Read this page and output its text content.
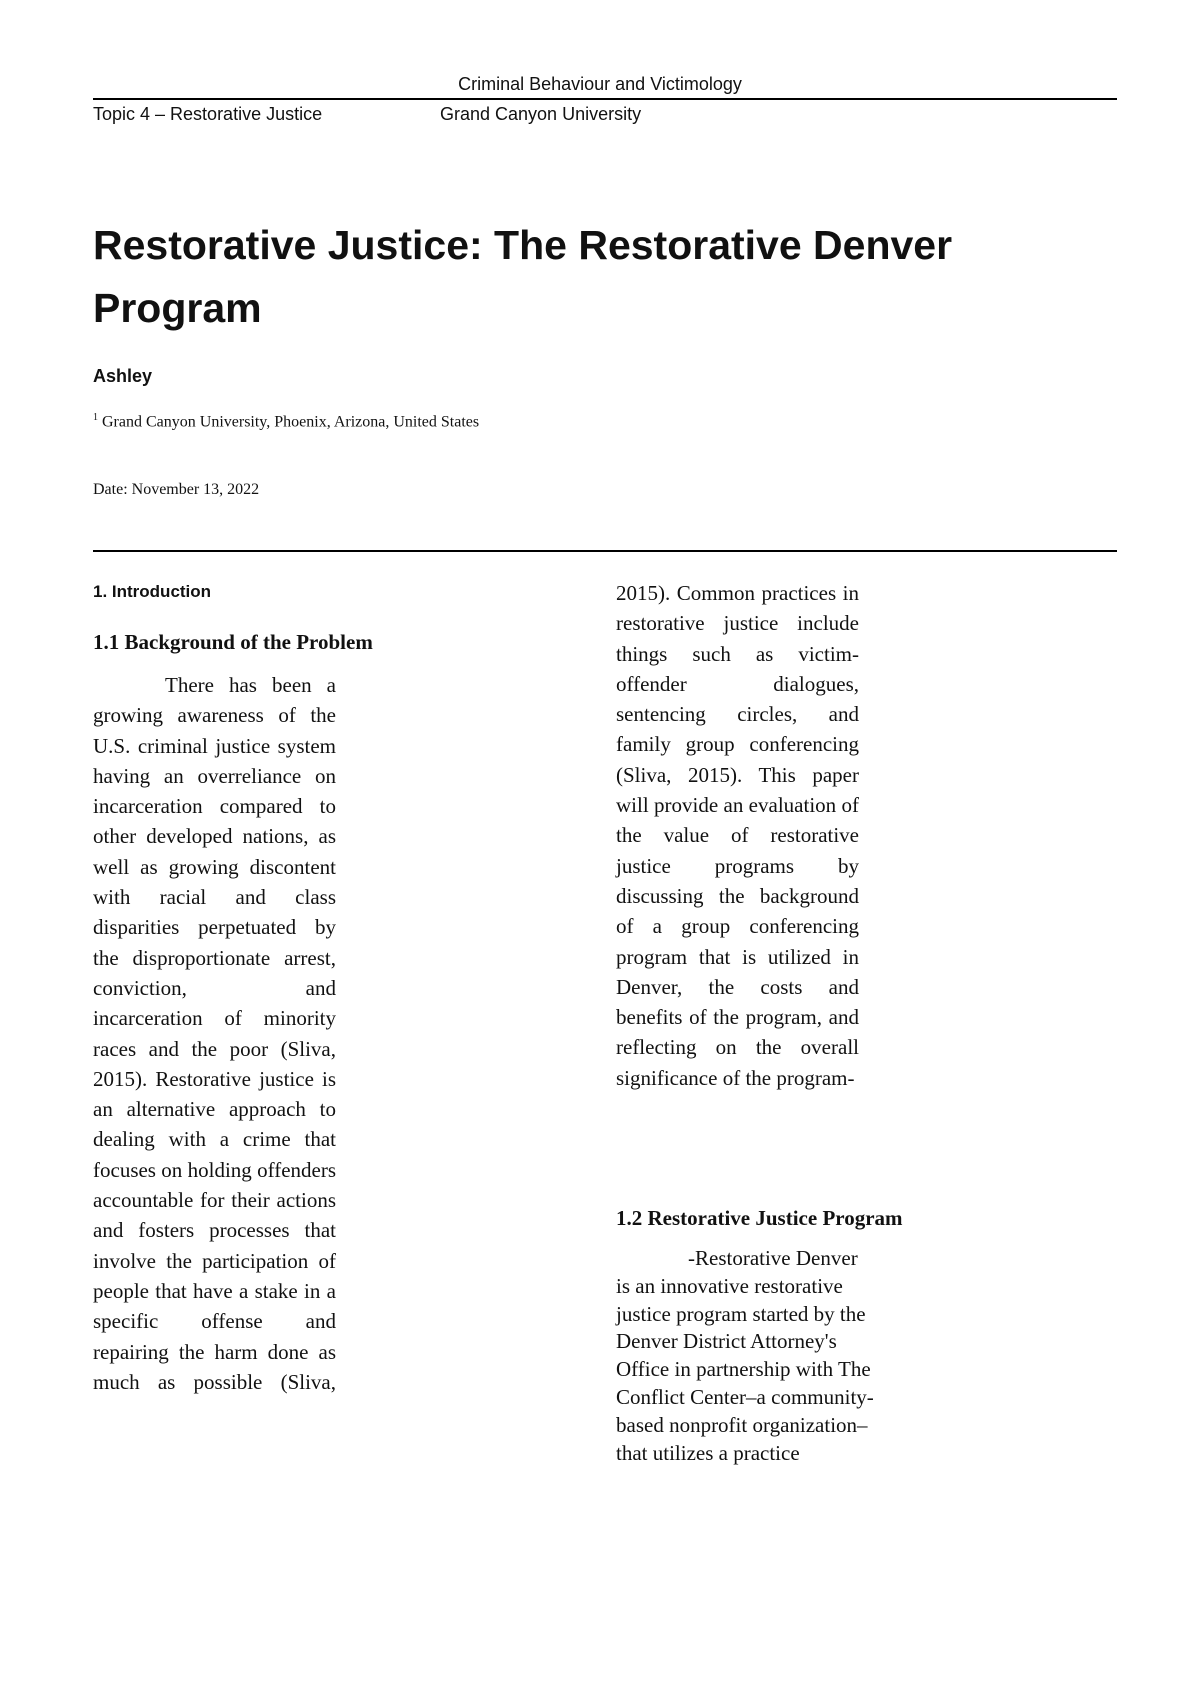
Criminal Behaviour and Victimology
Topic 4 – Restorative Justice	Grand Canyon University
Restorative Justice: The Restorative Denver Program
Ashley
$^1$ Grand Canyon University, Phoenix, Arizona, United States
Date: November 13, 2022
1. Introduction
1.1 Background of the Problem

There has been a growing awareness of the U.S. criminal justice system having an overreliance on incarceration compared to other developed nations, as well as growing discontent with racial and class disparities perpetuated by the disproportionate arrest, conviction, and incarceration of minority races and the poor (Sliva, 2015). Restorative justice is an alternative approach to dealing with a crime that focuses on holding offenders accountable for their actions and fosters processes that involve the participation of people that have a stake in a specific offense and repairing the harm done as much as possible (Sliva,

2015). Common practices in restorative justice include things such as victim-offender dialogues, sentencing circles, and family group conferencing (Sliva, 2015). This paper will provide an evaluation of the value of restorative justice programs by discussing the background of a group conferencing program that is utilized in Denver, the costs and benefits of the program, and reflecting on the overall significance of the program-

1.2 Restorative Justice Program

-Restorative Denver is an innovative restorative justice program started by the Denver District Attorney's Office in partnership with The Conflict Center–a community-based nonprofit organization– that utilizes a practice
